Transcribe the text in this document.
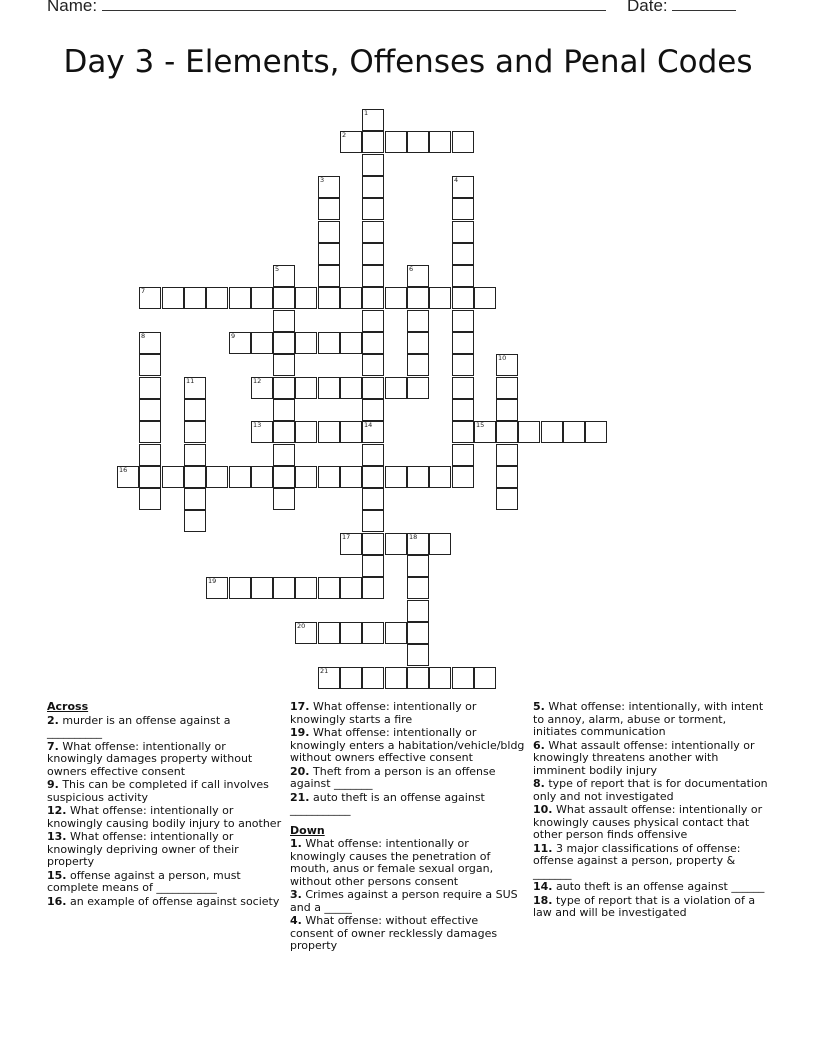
Name:	Date:
Day 3 - Elements, Offenses and Penal Codes
2
7
9
12
13	15
16
17	18
19
20
21
1
14
3	4
5	6
8
10
11
Across
2. murder is an offense against a __________
7. What offense: intentionally or knowingly damages property without owners effective consent
9. This can be completed if call involves suspicious activity
12. What offense: intentionally or knowingly causing bodily injury to another
13. What offense: intentionally or knowingly depriving owner of their property
15. offense against a person, must complete means of ___________
16. an example of offense against society
17. What offense: intentionally or knowingly starts a fire
19. What offense: intentionally or knowingly enters a habitation/vehicle/bldg without owners effective consent
20. Theft from a person is an offense against _______
21. auto theft is an offense against ___________
Down
1. What offense: intentionally or knowingly causes the penetration of mouth, anus or female sexual organ, without other persons consent
3. Crimes against a person require a SUS and a _____
4. What offense: without effective consent of owner recklessly damages property
5. What offense: intentionally, with intent to annoy, alarm, abuse or torment, initiates communication
6. What assault offense: intentionally or knowingly threatens another with imminent bodily injury
8. type of report that is for documentation only and not investigated
10. What assault offense: intentionally or knowingly causes physical contact that other person finds offensive
11. 3 major classifications of offense: offense against a person, property & _______
14. auto theft is an offense against ______
18. type of report that is a violation of a law and will be investigated
